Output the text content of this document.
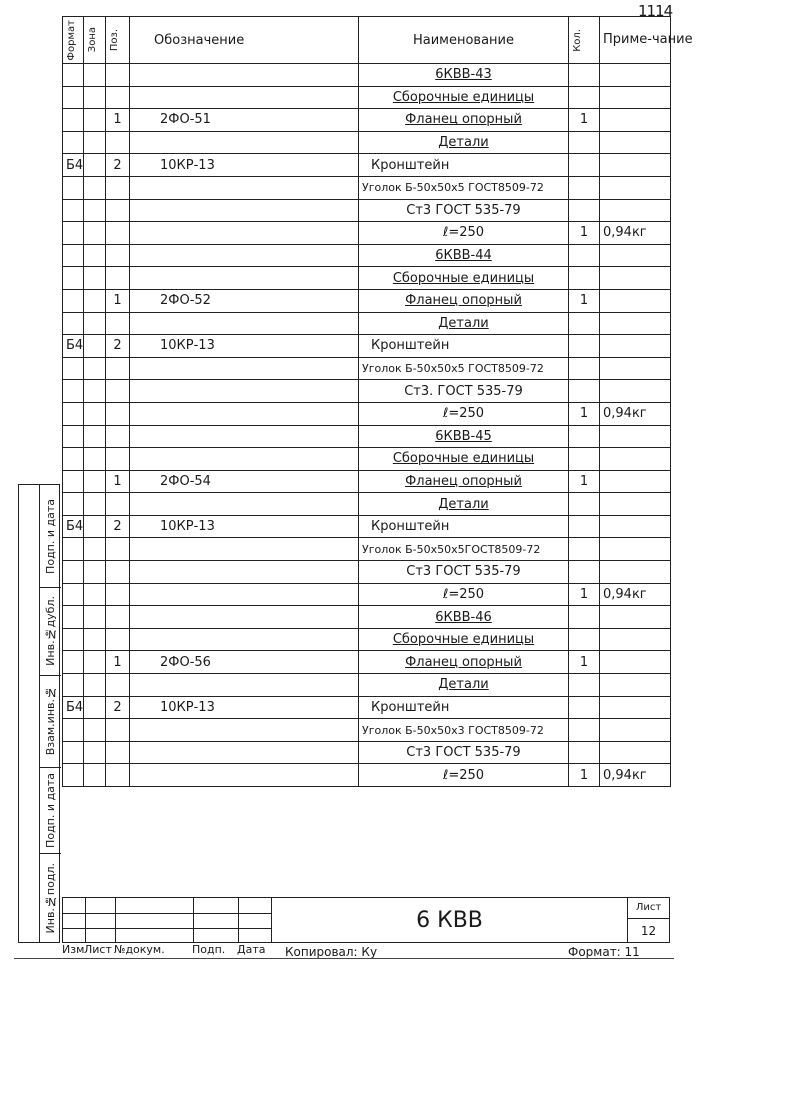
1114
Формат	Зона	Поз.	Обозначение	Наименование	Кол.	Приме-чание
				6КВВ-43		
				Сборочные единицы		
		1	2ФО-51	Фланец опорный	1	
				Детали		
Б4		2	10КР-13	Кронштейн		
				Уголок Б-50х50х5 ГОСТ8509-72		
				Ст3 ГОСТ 535-79		
				ℓ=250	1	0,94кг
				6КВВ-44		
				Сборочные единицы		
		1	2ФО-52	Фланец опорный	1	
				Детали		
Б4		2	10КР-13	Кронштейн		
				Уголок Б-50х50х5 ГОСТ8509-72		
				Ст3. ГОСТ 535-79		
				ℓ=250	1	0,94кг
				6КВВ-45		
				Сборочные единицы		
		1	2ФО-54	Фланец опорный	1	
				Детали		
Б4		2	10КР-13	Кронштейн		
				Уголок Б-50х50х5ГОСТ8509-72		
				Ст3 ГОСТ 535-79		
				ℓ=250	1	0,94кг
				6КВВ-46		
				Сборочные единицы		
		1	2ФО-56	Фланец опорный	1	
				Детали		
Б4		2	10КР-13	Кронштейн		
				Уголок Б-50х50х3 ГОСТ8509-72		
				Ст3 ГОСТ 535-79		
				ℓ=250	1	0,94кг
Изм Лист №докум.	Подп.	Дата
6 КВВ
Лист
12
Копировал: Ку	Формат: 11
Подп. и дата
Инв.№дубл.
Взам.инв.№
Подп. и дата
Инв.№подл.
